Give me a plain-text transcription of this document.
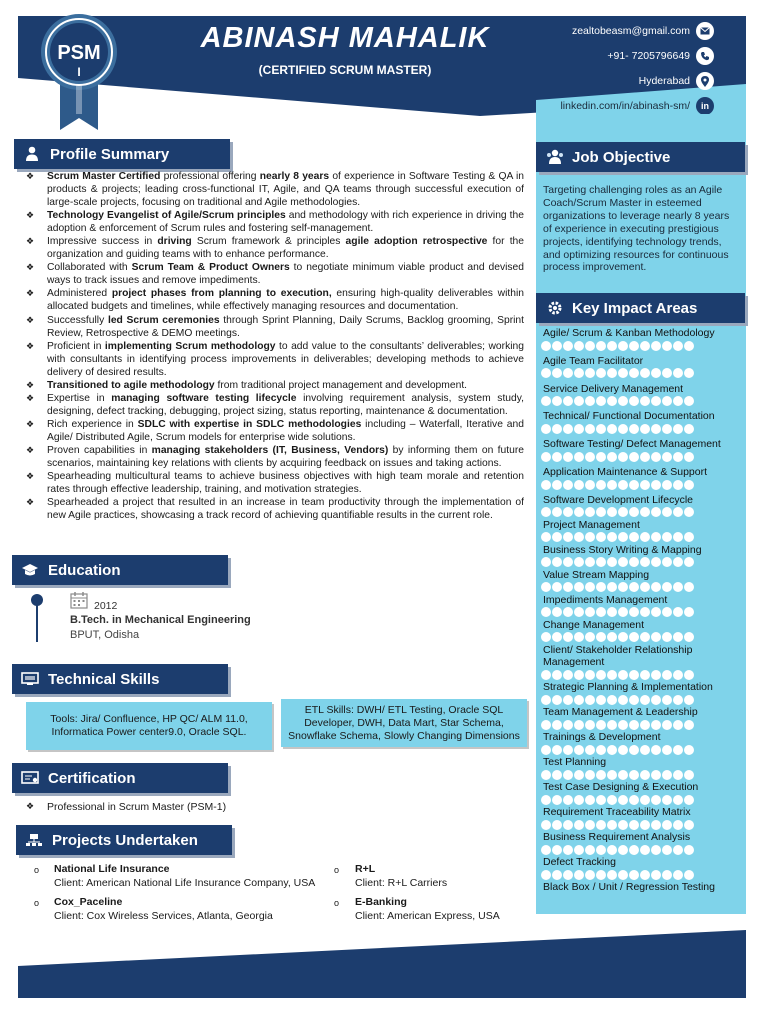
PSM
I
ABINASH MAHALIK
(CERTIFIED SCRUM MASTER)
zealtobeasm@gmail.com
+91- 7205796649
Hyderabad
linkedin.com/in/abinash-sm/ in
Job Objective
Targeting challenging roles as an Agile Coach/Scrum Master in esteemed organizations to leverage nearly 8 years of experience in executing prestigious projects, identifying technology trends, and optimizing resources for continuous process improvement.
Key Impact Areas
Agile/ Scrum & Kanban Methodology
Agile Team Facilitator
Service Delivery Management
Technical/ Functional Documentation
Software Testing/ Defect Management
Application Maintenance & Support
Software Development Lifecycle
Project Management
Business Story Writing & Mapping
Value Stream Mapping
Impediments Management
Change Management
Client/ Stakeholder Relationship Management
Strategic Planning & Implementation
Team Management & Leadership
Trainings & Development
Test Planning
Test Case Designing & Execution
Requirement Traceability Matrix
Business Requirement Analysis
Defect Tracking
Black Box / Unit / Regression Testing
Profile Summary
❖ Scrum Master Certified professional offering nearly 8 years of experience in Software Testing & QA in products & projects; leading cross-functional IT, Agile, and QA teams through successful execution of large-scale projects, focusing on traditional and Agile methodologies.
❖ Technology Evangelist of Agile/Scrum principles and methodology with rich experience in driving the adoption & enforcement of Scrum rules and fostering self-management.
❖ Impressive success in driving Scrum framework & principles agile adoption retrospective for the organization and guiding teams with to enhance performance.
❖ Collaborated with Scrum Team & Product Owners to negotiate minimum viable product and devised ways to track issues and remove impediments.
❖ Administered project phases from planning to execution, ensuring high-quality deliverables within allocated budgets and timelines, while effectively managing resources and documentation.
❖ Successfully led Scrum ceremonies through Sprint Planning, Daily Scrums, Backlog grooming, Sprint Review, Retrospective & DEMO meetings.
❖ Proficient in implementing Scrum methodology to add value to the consultants’ deliverables; working with consultants in identifying process improvements in deliverables; developing methods to achieve delivery of desired results.
❖ Transitioned to agile methodology from traditional project management and development.
❖ Expertise in managing software testing lifecycle involving requirement analysis, system study, designing, defect tracking, debugging, project sizing, status reporting, maintenance & documentation.
❖ Rich experience in SDLC with expertise in SDLC methodologies including – Waterfall, Iterative and Agile/ Distributed Agile, Scrum models for enterprise wide solutions.
❖ Proven capabilities in managing stakeholders (IT, Business, Vendors) by informing them on future scenarios, maintaining key relations with clients by acquiring feedback on issues and taking actions.
❖ Spearheading multicultural teams to achieve business objectives with high team morale and retention rates through effective leadership, training, and motivation strategies.
❖ Spearheaded a project that resulted in an increase in team productivity through the implementation of new Agile practices, showcasing a track record of achieving quantifiable results in the current role.
Education
2012
B.Tech. in Mechanical Engineering
BPUT, Odisha
Technical Skills
Tools: Jira/ Confluence, HP QC/ ALM 11.0,
Informatica Power center9.0, Oracle SQL.
ETL Skills: DWH/ ETL Testing, Oracle SQL
Developer, DWH, Data Mart, Star Schema,
Snowflake Schema, Slowly Changing Dimensions
Certification
❖ Professional in Scrum Master (PSM-1)
Projects Undertaken
o National Life Insurance
Client: American National Life Insurance Company, USA
o R+L
Client: R+L Carriers
o Cox_Paceline
Client: Cox Wireless Services, Atlanta, Georgia
o E-Banking
Client: American Express, USA
